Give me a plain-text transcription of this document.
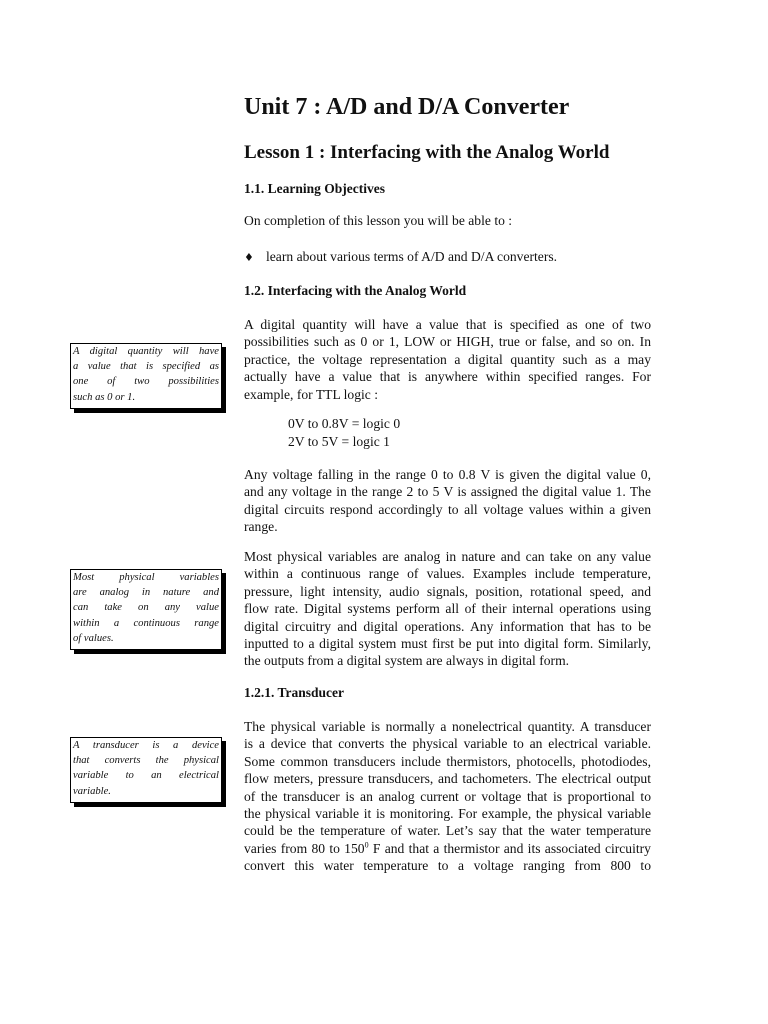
Unit 7 : A/D and D/A Converter
Lesson 1 : Interfacing with the Analog World
1.1. Learning Objectives

On completion of this lesson you will be able to :

♦ learn about various terms of A/D and D/A converters.
1.2. Interfacing with the Analog World
A digital quantity will have a value that is specified as one of two
possibilities such as 0 or 1, LOW or HIGH, true or false, and so on. In
practice, the voltage representation a digital quantity such as a may
actually have a value that is anywhere within specified ranges. For
example, for TTL logic :
0V to 0.8V = logic 0
2V to 5V = logic 1
Any voltage falling in the range 0 to 0.8 V is given the digital value 0,
and any voltage in the range 2 to 5 V is assigned the digital value 1. The
digital circuits respond accordingly to all voltage values within a given
range.
Most physical variables are analog in nature and can take on any value
within a continuous range of values. Examples include temperature,
pressure, light intensity, audio signals, position, rotational speed, and
flow rate. Digital systems perform all of their internal operations using
digital circuitry and digital operations. Any information that has to be
inputted to a digital system must first be put into digital form. Similarly,
the outputs from a digital system are always in digital form.
1.2.1. Transducer
The physical variable is normally a nonelectrical quantity. A transducer
is a device that converts the physical variable to an electrical variable.
Some common transducers include thermistors, photocells, photodiodes,
flow meters, pressure transducers, and tachometers. The electrical output
of the transducer is an analog current or voltage that is proportional to
the physical variable it is monitoring. For example, the physical variable
could be the temperature of water. Let’s say that the water temperature
varies from 80 to $150^0$ F and that a thermistor and its associated circuitry
convert this water temperature to a voltage ranging from 800 to
A digital quantity will have
a value that is specified as
one of two possibilities
such as 0 or 1.
Most physical variables
are analog in nature and
can take on any value
within a continuous range
of values.
A transducer is a device
that converts the physical
variable to an electrical
variable.
